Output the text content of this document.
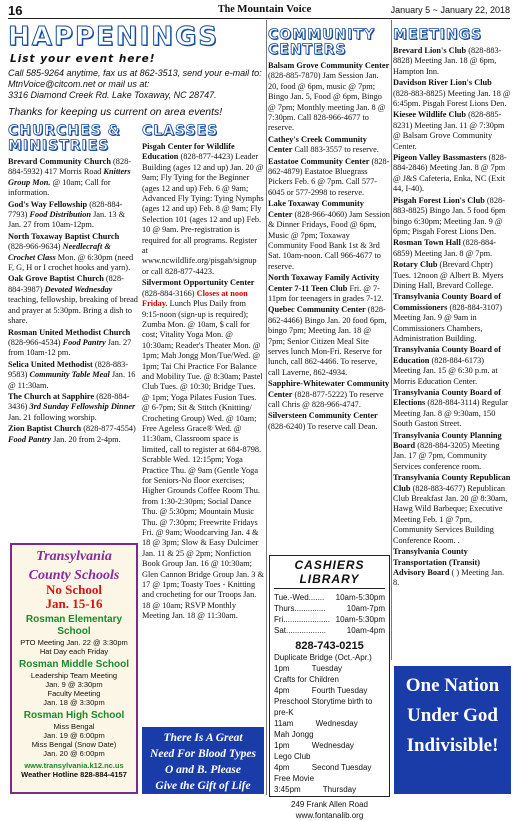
16	The Mountain Voice	January 5 ~ January 22, 2018
HAPPENINGS
List your event here!
Call 585-9264 anytime, fax us at 862-3513, send your e-mail to: MtnVoice@citcom.net or mail us at:
3316 Diamond Creek Rd. Lake Toxaway, NC 28747.
Thanks for keeping us current on area events!
CHURCHES & MINISTRIES

Brevard Community Church (828-884-5932) 417 Morris Road Knitters Group Mon. @ 10am; Call for information.

God's Way Fellowship (828-884-7793) Food Distribution Jan. 13 & Jan. 27 from 10am-12pm.

North Toxaway Baptist Church (828-966-9634) Needlecraft & Crochet Class Mon. @ 6:30pm (need F, G, H or I crochet hooks and yarn).

Oak Grove Baptist Church (828-884-3987) Devoted Wednesday teaching, fellowship, breaking of bread and prayer at 5:30pm. Bring a dish to share.

Rosman United Methodist Church (828-966-4534) Food Pantry Jan. 27 from 10am-12 pm.

Selica United Methodist (828-883-9583) Community Table Meal Jan. 16 @ 11:30am.

The Church at Sapphire (828-884-3436) 3rd Sunday Fellowship Dinner Jan. 21 following worship.

Zion Baptist Church (828-877-4554) Food Pantry Jan. 20 from 2-4pm.

CLASSES

Pisgah Center for Wildlife Education (828-877-4423) Leader Building (ages 12 and up) Jan. 20 @ 9am; Fly Tying for the Beginner (ages 12 and up) Feb. 6 @ 9am; Advanced Fly Tying: Tying Nymphs (ages 12 and up) Feb. 8 @ 9am; Fly Selection 101 (ages 12 and up) Feb. 10 @ 9am. Pre-registration is required for all programs. Register at www.ncwildlife.org/pisgah/signup or call 828-877-4423.

Silvermont Opportunity Center (828-884-3166) Closes at noon Friday. Lunch Plus Daily from 9:15-noon (sign-up is required); Zumba Mon. @ 10am, $ call for cost; Vitality Yoga Mon. @ 10:30am; Reader's Theater Mon. @ 1pm; Mah Jongg Mon/Tue/Wed. @ 1pm; Tai Chi Practice For Balance and Mobility Tue. @ 8:30am; Pastel Club Tues. @ 10:30; Bridge Tues. @ 1pm; Yoga Pilates Fusion Tues. @ 6-7pm; Sit & Stitch (Knitting/ Crocheting Group) Wed. @ 10am; Free Ageless Grace® Wed. @ 11:30am, Classroom space is limited, call to register at 684-8798. Scrabble Wed. 12:15pm; Yoga Practice Thu. @ 9am (Gentle Yoga for Seniors-No floor exercises; Higher Grounds Coffee Room Thu. from 1:30-2:30pm; Social Dance Thu. @ 5:30pm; Mountain Music Thu. @ 7:30pm; Freewrite Fridays Fri. @ 9am; Woodcarving Jan. 4 & 18 @ 3pm; Slow & Easy Dulcimer Jan. 11 & 25 @ 2pm; Nonfiction Book Group Jan. 16 @ 10:30am; Glen Cannon Bridge Group Jan. 3 & 17 @ 1pm; Toasty Toes - Knitting and crocheting for our Troops Jan. 18 @ 10am; RSVP Monthly Meeting Jan. 18 @ 11:30am.

COMMUNITY CENTERS

Balsam Grove Community Center (828-885-7870) Jam Session Jan. 20, food @ 6pm, music @ 7pm; Bingo Jan. 5, Food @ 6pm, Bingo @ 7pm; Monthly meeting Jan. 8 @ 7:30pm. Call 828-966-4677 to reserve.

Cathey's Creek Community Center Call 883-3557 to reserve.

Eastatoe Community Center (828-862-4879) Eastatoe Bluegrass Pickers Feb. 6 @ 7pm. Call 577-6045 or 577-2998 to reserve.

Lake Toxaway Community Center (828-966-4060) Jam Session & Dinner Fridays, Food @ 6pm, Music @ 7pm; Toxaway Community Food Bank 1st & 3rd Sat. 10am-noon. Call 966-4677 to reserve.

North Toxaway Family Activity Center 7-11 Teen Club Fri. @ 7-11pm for teenagers in grades 7-12.

Quebec Community Center (828-862-4466) Bingo Jan. 20 food 6pm, bingo 7pm; Meeting Jan. 18 @ 7pm; Senior Citizen Meal Site serves lunch Mon-Fri. Reserve for lunch, call 862-4466. To reserve, call Laverne, 862-4934.

Sapphire-Whitewater Community Center (828-877-5222) To reserve call Chris @ 828-966-4747.

Silversteen Community Center (828-6240) To reserve call Dean.

MEETINGS

Brevard Lion's Club (828-883-8828) Meeting Jan. 18 @ 6pm, Hampton Inn.

Davidson River Lion's Club (828-883-8825) Meeting Jan. 18 @ 6:45pm. Pisgah Forest Lions Den.

Kiesee Wildlife Club (828-885-8231) Meeting Jan. 11 @ 7:30pm @ Balsam Grove Community Center.

Pigeon Valley Bassmasters (828-884-2846) Meeting Jan. 8 @ 7pm @ J&S Cafeteria, Enka, NC (Exit 44, I-40).

Pisgah Forest Lion's Club (828-883-8825) Bingo Jan. 5 food 6pm bingo 6:30pm; Meeting Jan. 9 @ 6pm; Pisgah Forest Lions Den.

Rosman Town Hall (828-884-6859) Meeting Jan. 8 @ 7pm.

Rotary Club (Brevard Chptr) Tues. 12noon @ Albert B. Myers Dining Hall, Brevard College.

Transylvania County Board of Commissioners (828-884-3107) Meeting Jan. 9 @ 9am in Commissioners Chambers, Administration Building.

Transylvania County Board of Education (828-884-6173) Meeting Jan. 15 @ 6:30 p.m. at Morris Education Center.

Transylvania County Board of Elections (828-884-3114) Regular Meeting Jan. 8 @ 9:30am, 150 South Gaston Street.

Transylvania County Planning Board (828-884-3205) Meeting Jan. 17 @ 7pm, Community Services conference room.

Transylvania County Republican Club (828-883-4677) Republican Club Breakfast Jan. 20 @ 8:30am, Hawg Wild Barbeque; Executive Meeting Feb. 1 @ 7pm, Community Services Building Conference Room. .

Transylvania County Transportation (Transit) Advisory Board ( ) Meeting Jan. 8.

Transylvania
County Schools
No School
Jan. 15-16
Rosman Elementary School
PTO Meeting Jan. 22 @ 3:30pm
Hat Day each Friday
Rosman Middle School
Leadership Team Meeting
Jan. 9 @ 3:30pm
Faculty Meeting
Jan. 18 @ 3:30pm
Rosman High School
Miss Bengal
Jan. 19 @ 6:00pm
Miss Bengal (Snow Date)
Jan. 20 @ 6:00pm
www.transylvania.k12.nc.us
Weather Hotline 828-884-4157
There Is A Great
Need For Blood Types
O and B. Please
Give the Gift of Life
CASHIERS LIBRARY
Tue.-Wed....... 10am-5:30pm
Thurs..............	10am-7pm
Fri..................... 10am-5:30pm
Sat..................	10am-4pm
828-743-0215
Duplicate Bridge (Oct.-Apr.)
1pm          Tuesday
Crafts for Children
4pm          Fourth Tuesday
Preschool Storytime birth to pre-K
11am          Wednesday
Mah Jongg
1pm          Wednesday
Lego Club
4pm          Second Tuesday
Free Movie
3:45pm          Thursday
249 Frank Allen Road
www.fontanalib.org
One Nation
Under God
Indivisible!
